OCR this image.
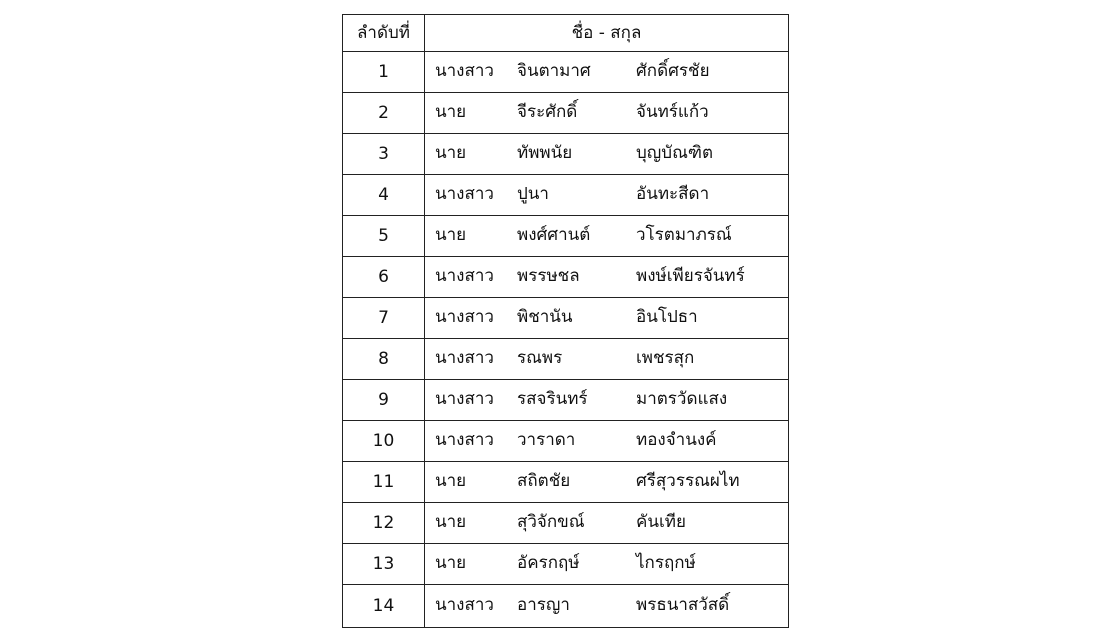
ลำดับที่	ชื่อ - สกุล
1	นางสาว จินตามาศ ศักดิ์ศรชัย

2	นาย จีระศักดิ์ จันทร์แก้ว

3	นาย ทัพพนัย บุญบัณฑิต

4	นางสาว ปูนา อันทะสีดา

5	นาย พงศ์ศานต์ วโรตมาภรณ์

6	นางสาว พรรษชล พงษ์เพียรจันทร์

7	นางสาว พิชานัน อินโปธา

8	นางสาว รณพร เพชรสุก

9	นางสาว รสจรินทร์ มาตรวัดแสง

10	นางสาว วาราดา ทองจำนงค์

11	นาย สถิตชัย ศรีสุวรรณผไท

12	นาย สุวิจักขณ์ คันเทีย

13	นาย อัครกฤษ์ ไกรฤกษ์

14	นางสาว อารญา พรธนาสวัสดิ์
